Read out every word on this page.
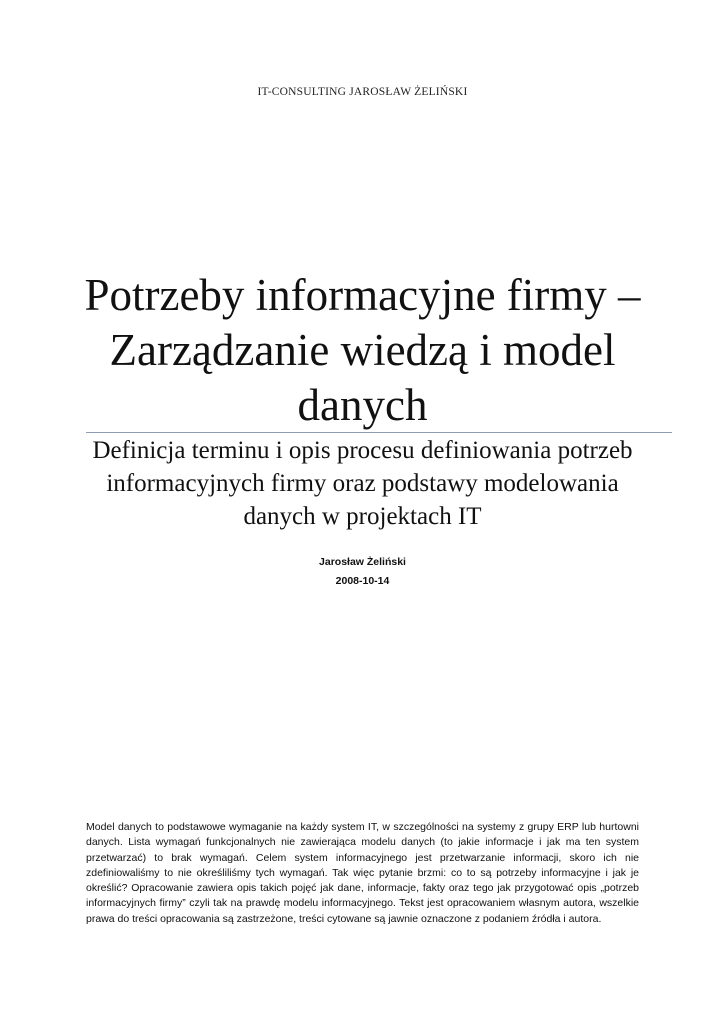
IT-CONSULTING JAROSŁAW ŻELIŃSKI
Potrzeby informacyjne firmy – Zarządzanie wiedzą i model danych
Definicja terminu i opis procesu definiowania potrzeb informacyjnych firmy oraz podstawy modelowania danych w projektach IT
Jarosław Żeliński
2008-10-14
Model danych to podstawowe wymaganie na każdy system IT, w szczególności na systemy z grupy ERP lub hurtowni danych. Lista wymagań funkcjonalnych nie zawierająca modelu danych (to jakie informacje i jak ma ten system przetwarzać) to brak wymagań. Celem system informacyjnego jest przetwarzanie informacji, skoro ich nie zdefiniowaliśmy to nie określiliśmy tych wymagań. Tak więc pytanie brzmi: co to są potrzeby informacyjne i jak je określić? Opracowanie zawiera opis takich pojęć jak dane, informacje, fakty oraz tego jak przygotować opis „potrzeb informacyjnych firmy” czyli tak na prawdę modelu informacyjnego. Tekst jest opracowaniem własnym autora, wszelkie prawa do treści opracowania są zastrzeżone, treści cytowane są jawnie oznaczone z podaniem źródła i autora.
